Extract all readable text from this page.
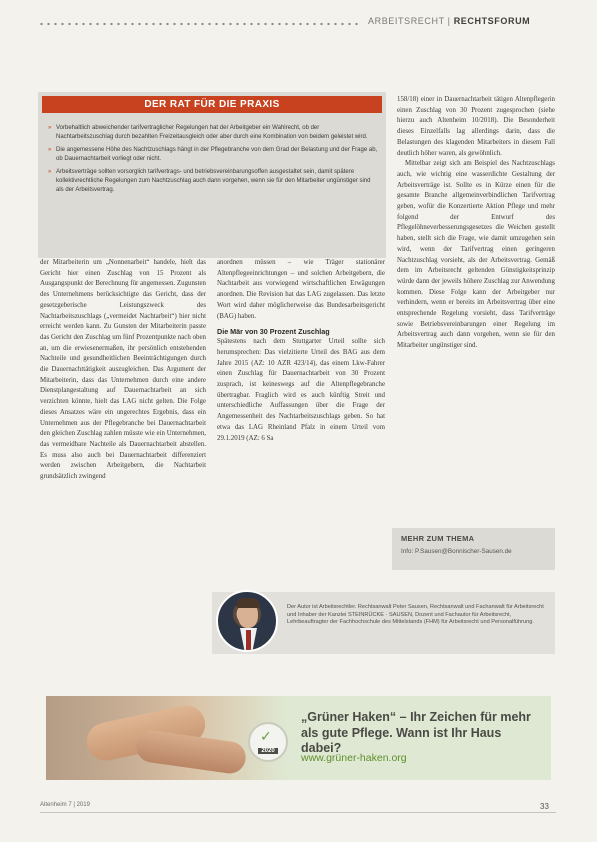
ARBEITSRECHT | RECHTSFORUM
DER RAT FÜR DIE PRAXIS
» Vorbehaltlich abweichender tarifvertraglicher Regelungen hat der Arbeitgeber ein Wahlrecht, ob der Nachtarbeitszuschlag durch bezahlten Freizeitausgleich oder aber durch eine Kombination von beidem geleistet wird.
» Die angemessene Höhe des Nachtzuschlags hängt in der Pflegebranche von dem Grad der Belastung und der Frage ab, ob Dauernachtarbeit vorliegt oder nicht.
» Arbeitsverträge sollten vorsorglich tarifvertrags- und betriebsvereinbarungsoffen ausgestaltet sein, damit spätere kollektivrechtliche Regelungen zum Nachtzuschlag auch dann vorgehen, wenn sie für den Mitarbeiter ungünstiger sind als der Arbeitsvertrag.

der Mitarbeiterin um „Nonnenarbeit“ handele, hielt das Gericht hier einen Zuschlag von 15 Prozent als Ausgangspunkt der Berechnung für angemessen. Zugunsten des Unternehmens berücksichtigte das Gericht, dass der gesetzgeberische Leistungszweck des Nachtarbeitszuschlags („vermeidet Nachtarbeit“) hier nicht erreicht werden kann. Zu Gunsten der Mitarbeiterin passte das Gericht den Zuschlag um fünf Prozentpunkte nach oben an, um die erwiesenermaßen, ihr persönlich entstehenden Nachteile und gesundheitlichen Beeinträchtigungen durch die Dauernachttätigkeit auszugleichen. Das Argument der Mitarbeiterin, dass das Unternehmen durch eine andere Dienstplangestaltung auf Dauernachtarbeit an sich verzichten könnte, hielt das LAG nicht gelten. Die Folge dieses Ansatzes wäre ein ungerechtes Ergebnis, dass ein Unternehmen aus der Pflegebranche bei Dauernachtarbeit den gleichen Zuschlag zahlen müsste wie ein Unternehmen, das vermeidbare Nachteile als Dauernachtarbeit abstellen. Es muss also auch bei Dauernachtarbeit differenziert werden zwischen Arbeitgebern, die Nachtarbeit grundsätzlich zwingend

anordnen müssen – wie Träger stationärer Altenpflegeeinrichtungen – und solchen Arbeitgebern, die Nachtarbeit aus vorwiegend wirtschaftlichen Erwägungen anordnen. Die Revision hat das LAG zugelassen. Das letzte Wort wird daher möglicherweise das Bundesarbeitsgericht (BAG) haben.

Die Mär von 30 Prozent Zuschlag

Spätestens nach dem Stuttgarter Urteil sollte sich herumsprechen: Das vielzitierte Urteil des BAG aus dem Jahre 2015 (AZ: 10 AZR 423/14), das einem Lkw-Fahrer einen Zuschlag für Dauernachtarbeit von 30 Prozent zusprach, ist keineswegs auf die Altenpflegebranche übertragbar. Fraglich wird es auch künftig Streit und unterschiedliche Auffassungen über die Frage der Angemessenheit des Nachtarbeitszuschlags geben. So hat etwa das LAG Rheinland Pfalz in einem Urteil vom 29.1.2019 (AZ: 6 Sa

158/18) einer in Dauernachtarbeit tätigen Altenpflegerin einen Zuschlag von 30 Prozent zugesprochen (siehe hierzu auch Altenheim 10/2018). Die Besonderheit dieses Einzelfalls lag allerdings darin, dass die Belastungen des klagenden Mitarbeiters in diesem Fall deutlich höher waren, als gewöhnlich.

Mittelbar zeigt sich am Beispiel des Nachtzuschlags auch, wie wichtig eine wasserdichte Gestaltung der Arbeitsverträge ist. Sollte es in Kürze einen für die gesamte Branche allgemeinverbindlichen Tarifvertrag geben, wofür die Konzertierte Aktion Pflege und mehr folgend der Entwurf des Pflegelöhneverbesserungsgesetzes die Weichen gestellt haben, stellt sich die Frage, wie damit umzugehen sein wird, wenn der Tarifvertrag einen geringeren Nachtzuschlag vorsieht, als der Arbeitsvertrag. Gemäß dem im Arbeitsrecht geltenden Günstigkeitsprinzip würde dann der jeweils höhere Zuschlag zur Anwendung kommen. Diese Folge kann der Arbeitgeber nur verhindern, wenn er bereits im Arbeitsvertrag über eine entsprechende Regelung vorsieht, dass Tarifverträge sowie Betriebsvereinbarungen einer Regelung im Arbeitsvertrag auch dann vorgehen, wenn sie für den Mitarbeiter ungünstiger sind.

MEHR ZUM THEMA
Info: P.Sausen@Bonnischer-Sausen.de
Der Autor ist Arbeitsrechtler. Rechtsanwalt Peter Sausen, Rechtsanwalt und Fachanwalt für Arbeitsrecht und Inhaber der Kanzlei STEINRÜCKE · SAUSEN, Dozent und Fachautor für Arbeitsrecht, Lehrbeauftragter der Fachhochschule des Mittelstands (FHM) für Arbeitsrecht und Personalführung.
✓
2020
„Grüner Haken“ – Ihr Zeichen für mehr als gute Pflege. Wann ist Ihr Haus dabei?
www.grüner-haken.org
Altenheim 7 | 2019	33
